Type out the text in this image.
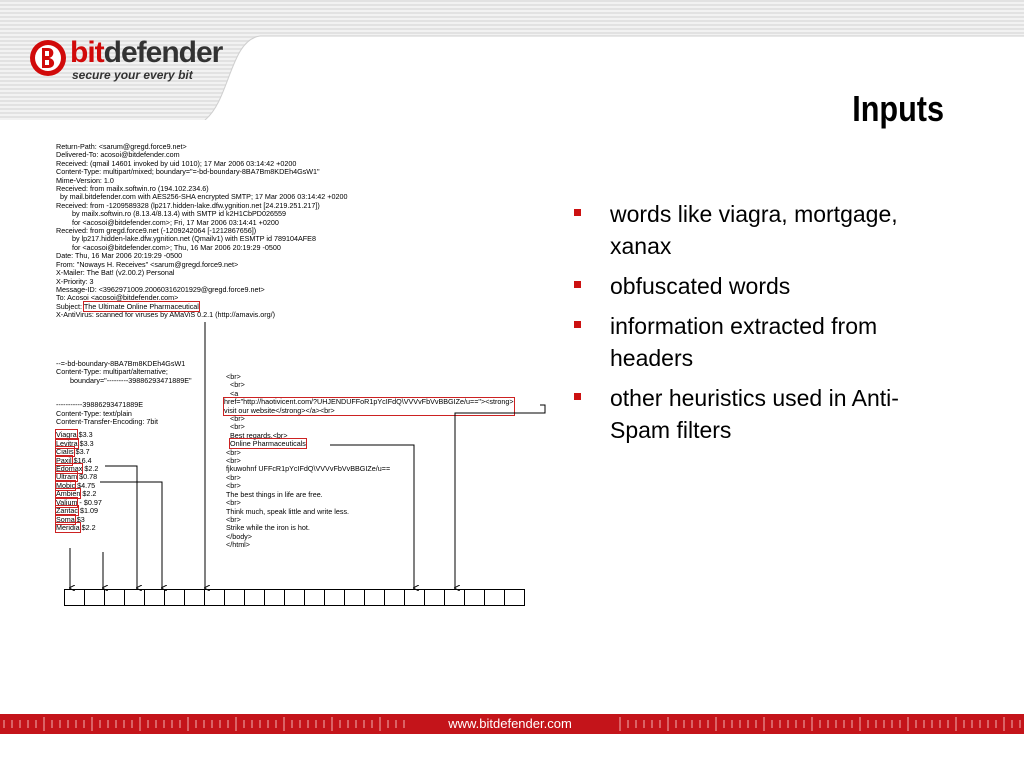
bitdefender
secure your every bit
Inputs
Return-Path: <sarum@gregd.force9.net>
Delivered-To: acosoi@bitdefender.com
Received: (qmail 14601 invoked by uid 1010); 17 Mar 2006 03:14:42 +0200
Content-Type: multipart/mixed; boundary="=-bd-boundary-8BA7Bm8KDEh4GsW1"
Mime-Version: 1.0
Received: from mailx.softwin.ro (194.102.234.6)
by mail.bitdefender.com with AES256-SHA encrypted SMTP; 17 Mar 2006 03:14:42 +0200
Received: from -1209589328 (lp217.hidden-lake.dfw.ygnition.net [24.219.251.217])
by mailx.softwin.ro (8.13.4/8.13.4) with SMTP id k2H1CbPD026559
for <acosoi@bitdefender.com>; Fri, 17 Mar 2006 03:14:41 +0200
Received: from gregd.force9.net (-1209242064 [-1212867656])
by lp217.hidden-lake.dfw.ygnition.net (Qmailv1) with ESMTP id 789104AFE8
for <acosoi@bitdefender.com>; Thu, 16 Mar 2006 20:19:29 -0500
Date: Thu, 16 Mar 2006 20:19:29 -0500
From: "Noways H. Receives" <sarum@gregd.force9.net>
X-Mailer: The Bat! (v2.00.2) Personal
X-Priority: 3
Message-ID: <3962971009.20060316201929@gregd.force9.net>
To: Acosoi <acosoi@bitdefender.com>
Subject: The Ultimate Online Pharmaceutical
X-AntiVirus: scanned for viruses by AMaViS 0.2.1 (http://amavis.org/)
--=-bd-boundary-8BA7Bm8KDEh4GsW1
Content-Type: multipart/alternative;
boundary="---------39886293471889E"
-----------39886293471889E
Content-Type: text/plain
Content-Transfer-Encoding: 7bit
Viagra $3.3
Levitra $3.3
Cialis $3.7
Paxil $16.4
Edomax $2.2
Ultram $0.78
Mobic $4.75
Ambien $2.2
Valium - $0.97
Zantac $1.09
Soma $3
Meridia $2.2
<br>
<br>
<a
href="http://haotivicent.com/?UHJENDUFFoR1pYcIFdQ\VVVvFbVvBBGIZe/u=="><strong>
visit our website</strong></a><br>
<br>
<br>
Best regards,<br>
Online Pharmaceuticals
<br>
<br>
fjkuwohnf UFFcR1pYcIFdQ\VVVvFbVvBBGIZe/u==
<br>
<br>
The best things in life are free.
<br>
Think much, speak little and write less.
<br>
Strike while the iron is hot.
</body>
</html>
words like viagra, mortgage, xanax
obfuscated words
information extracted from headers
other heuristics used in Anti-Spam filters
www.bitdefender.com
